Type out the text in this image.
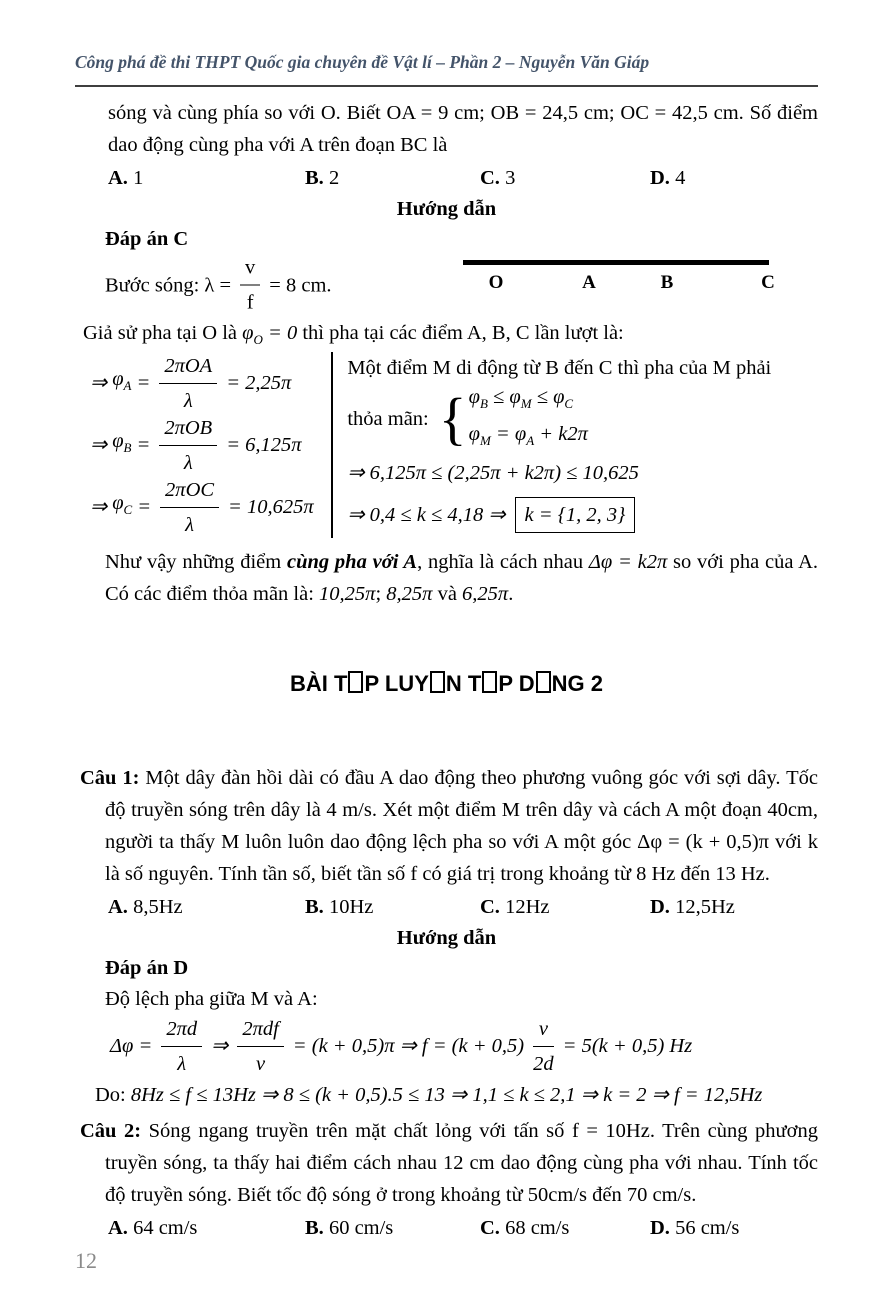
Công phá đề thi THPT Quốc gia chuyên đề Vật lí – Phần 2 – Nguyễn Văn Giáp

sóng và cùng phía so với O. Biết OA = 9 cm; OB = 24,5 cm; OC = 42,5 cm. Số điểm dao động cùng pha với A trên đoạn BC là

A. 1	B. 2	C. 3	D. 4
Hướng dẫn
Đáp án C
Bước sóng: $\lambda = \frac{v}{f} = 8$ cm.	O	A	B	C
Giả sử pha tại O là $\varphi_O = 0$ thì pha tại các điểm A, B, C lần lượt là:
⇒ $\varphi_A = \frac{\text{2πOA}}{\lambda} = 2,25\pi$
⇒ $\varphi_B = \frac{\text{2πOB}}{\lambda} = 6,125\pi$
⇒ $\varphi_C = \frac{\text{2πOC}}{\lambda} = 10,625\pi$
Một điểm M di động từ B đến C thì pha của M phải
thỏa mãn: { $\varphi_B \le \varphi_M \le \varphi_C$
$\varphi_M = \varphi_A + k2\pi$
⇒ 6,125π ≤ (2,25π + k2π) ≤ 10,625
⇒ 0,4 ≤ k ≤ 4,18 ⇒ k = {1, 2, 3}

Như vậy những điểm cùng pha với A, nghĩa là cách nhau Δφ = k2π so với pha của A. Có các điểm thỏa mãn là: 10,25π; 8,25π và 6,25π.

BÀI T P LUY N T P D NG 2

Câu 1: Một dây đàn hồi dài có đầu A dao động theo phương vuông góc với sợi dây. Tốc độ truyền sóng trên dây là 4 m/s. Xét một điểm M trên dây và cách A một đoạn 40cm, người ta thấy M luôn luôn dao động lệch pha so với A một góc Δφ = (k + 0,5)π với k là số nguyên. Tính tần số, biết tần số f có giá trị trong khoảng từ 8 Hz đến 13 Hz.

A. 8,5Hz	B. 10Hz	C. 12Hz	D. 12,5Hz
Hướng dẫn
Đáp án D
Độ lệch pha giữa M và A:
$\Delta\varphi = \frac{2\pi d}{\lambda}$ ⇒ $\frac{\text{2πdf}}{v} = (k + 0,5)\pi$ ⇒ $f = (k + 0,5) \frac{v}{2d} = 5(k + 0,5)$ Hz
Do: 8Hz ≤ f ≤ 13Hz ⇒ 8 ≤ (k + 0,5).5 ≤ 13 ⇒ 1,1 ≤ k ≤ 2,1 ⇒ k = 2 ⇒ f = 12,5Hz

Câu 2: Sóng ngang truyền trên mặt chất lỏng với tấn số f = 10Hz. Trên cùng phương truyền sóng, ta thấy hai điểm cách nhau 12 cm dao động cùng pha với nhau. Tính tốc độ truyền sóng. Biết tốc độ sóng ở trong khoảng từ 50cm/s đến 70 cm/s.

A. 64 cm/s	B. 60 cm/s	C. 68 cm/s	D. 56 cm/s
12
